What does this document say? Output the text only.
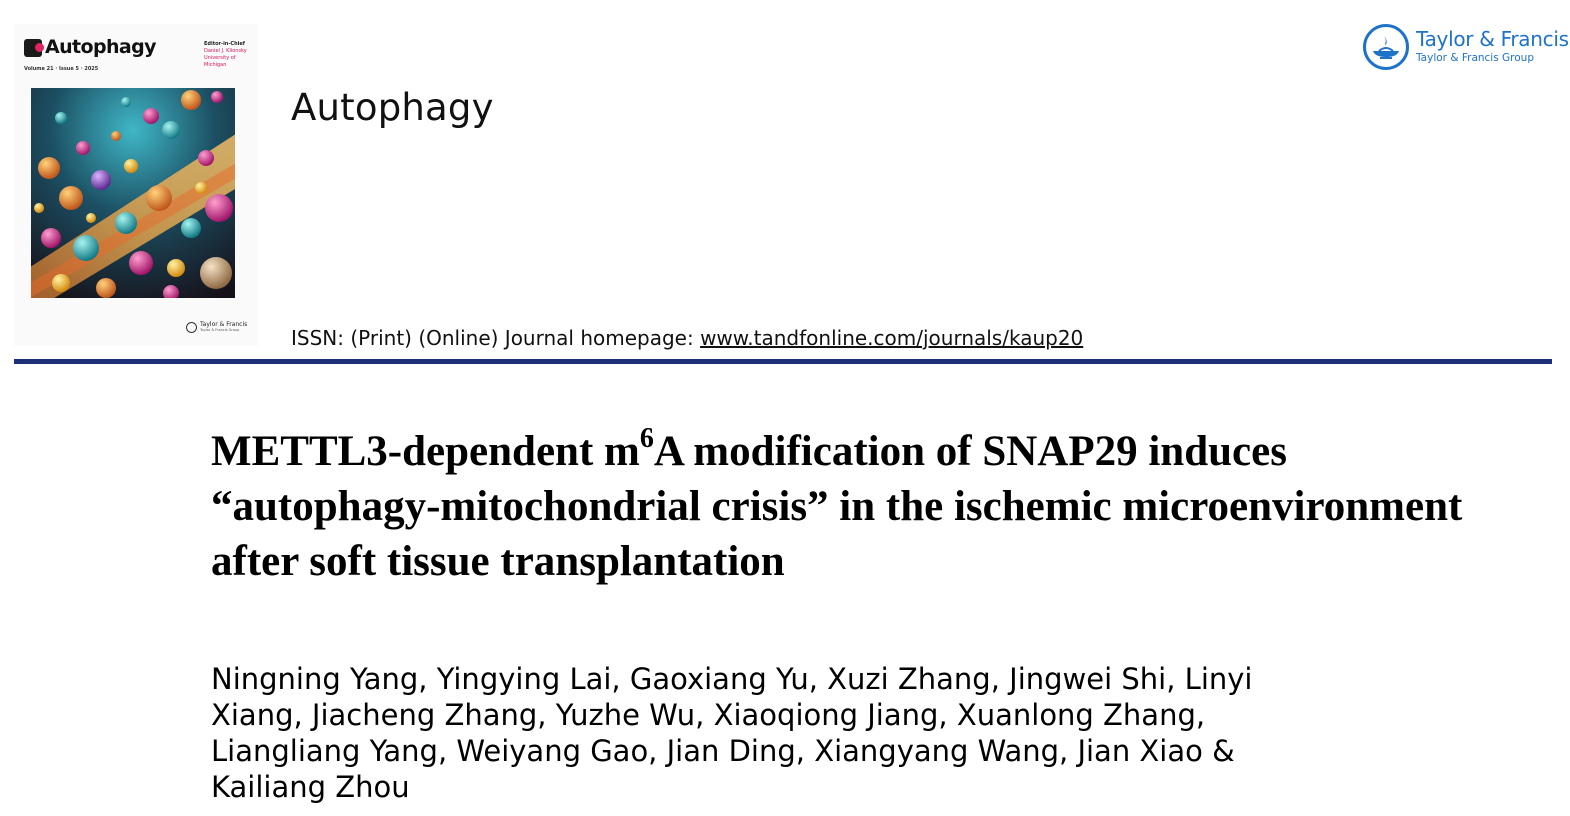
Autophagy
Volume 21 · Issue 5 · 2025
Editor-in-Chief
Daniel J. Klionsky
University of Michigan
Taylor & Francis
Taylor & Francis Group
Autophagy
ISSN: (Print) (Online) Journal homepage: www.tandfonline.com/journals/kaup20
Taylor & Francis
Taylor & Francis Group
METTL3-dependent $m^6A$ modification of SNAP29 induces “autophagy-mitochondrial crisis” in the ischemic microenvironment after soft tissue transplantation
Ningning Yang, Yingying Lai, Gaoxiang Yu, Xuzi Zhang, Jingwei Shi, Linyi Xiang, Jiacheng Zhang, Yuzhe Wu, Xiaoqiong Jiang, Xuanlong Zhang, Liangliang Yang, Weiyang Gao, Jian Ding, Xiangyang Wang, Jian Xiao & Kailiang Zhou
